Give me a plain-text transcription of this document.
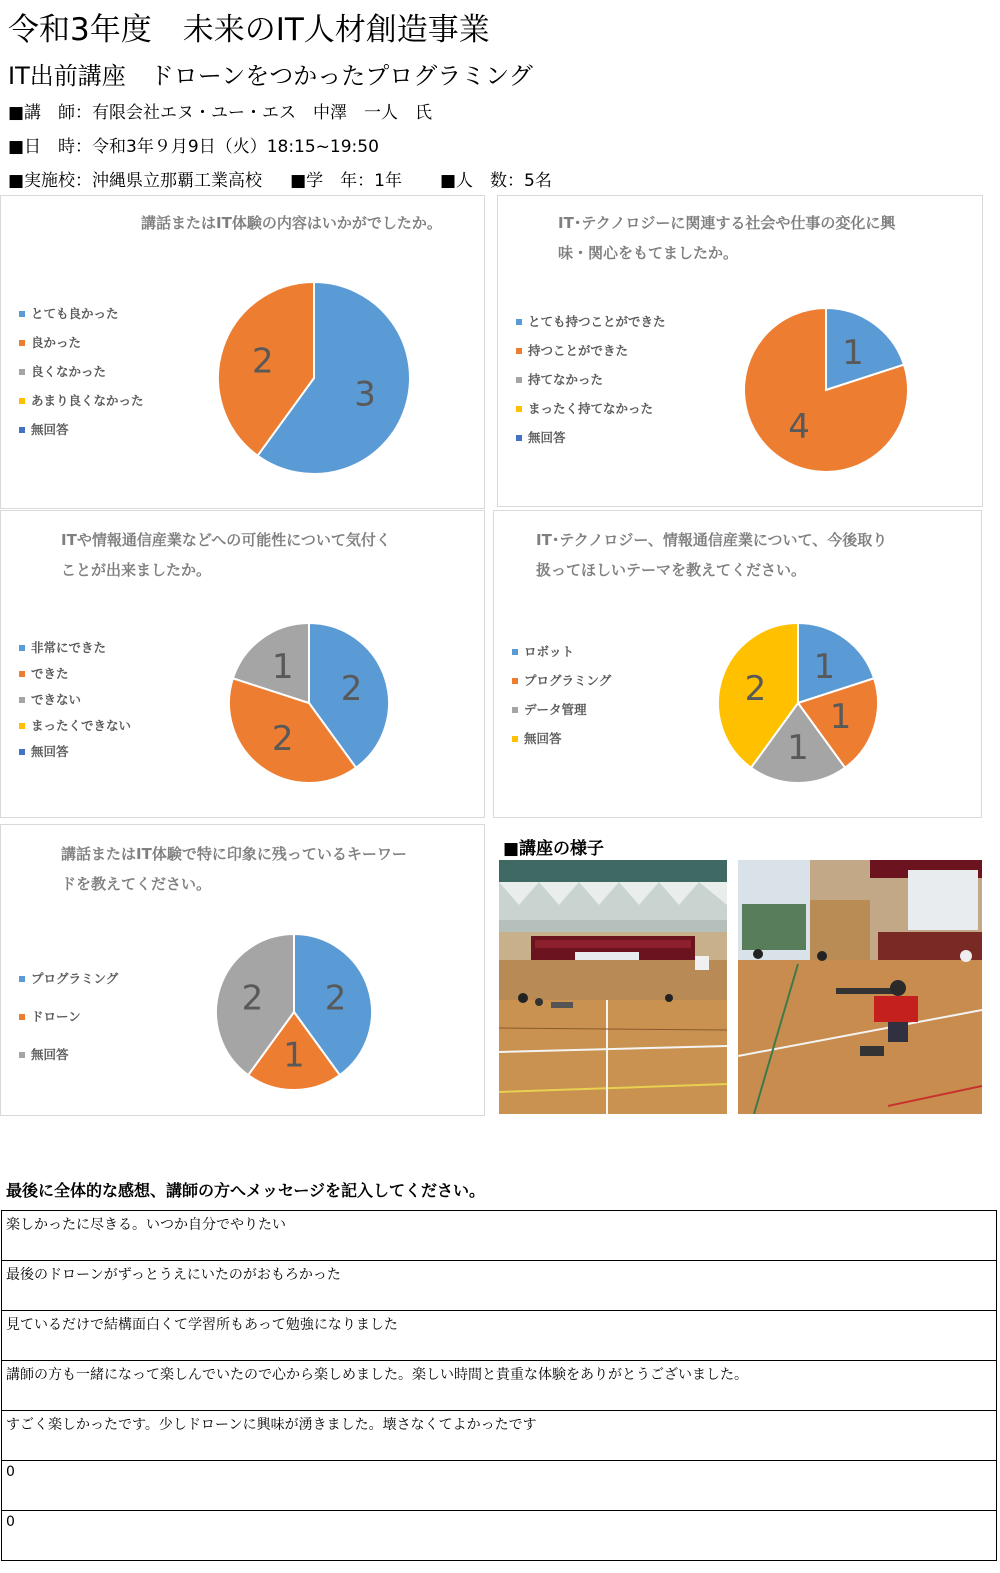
令和3年度　未来のIT人材創造事業
IT出前講座　ドローンをつかったプログラミング
■講　師：有限会社エヌ・ユー・エス　中澤　一人　氏
■日　時：令和3年９月9日（火）18:15~19:50
■実施校：沖縄県立那覇工業高校 ■学　年：1年 ■人　数：5名
3
2
講話またはIT体験の内容はいかがでしたか。
とても良かった
良かった
良くなかった
あまり良くなかった
無回答
1
4
IT･テクノロジーに関連する社会や仕事の変化に興
味・関心をもてましたか。
とても持つことができた
持つことができた
持てなかった
まったく持てなかった
無回答
2
2
1
ITや情報通信産業などへの可能性について気付く
ことが出来ましたか。
非常にできた
できた
できない
まったくできない
無回答
1
1
1
2
IT･テクノロジー、情報通信産業について、今後取り
扱ってほしいテーマを教えてください。
ロボット
プログラミング
データ管理
無回答
2
1
2
講話またはIT体験で特に印象に残っているキーワー
ドを教えてください。
プログラミング
ドローン
無回答
■講座の様子
最後に全体的な感想、講師の方へメッセージを記入してください。
楽しかったに尽きる。いつか自分でやりたい
最後のドローンがずっとうえにいたのがおもろかった
見ているだけで結構面白くて学習所もあって勉強になりました
講師の方も一緒になって楽しんでいたので心から楽しめました。楽しい時間と貴重な体験をありがとうございました。
すごく楽しかったです。少しドローンに興味が湧きました。壊さなくてよかったです
0
0
